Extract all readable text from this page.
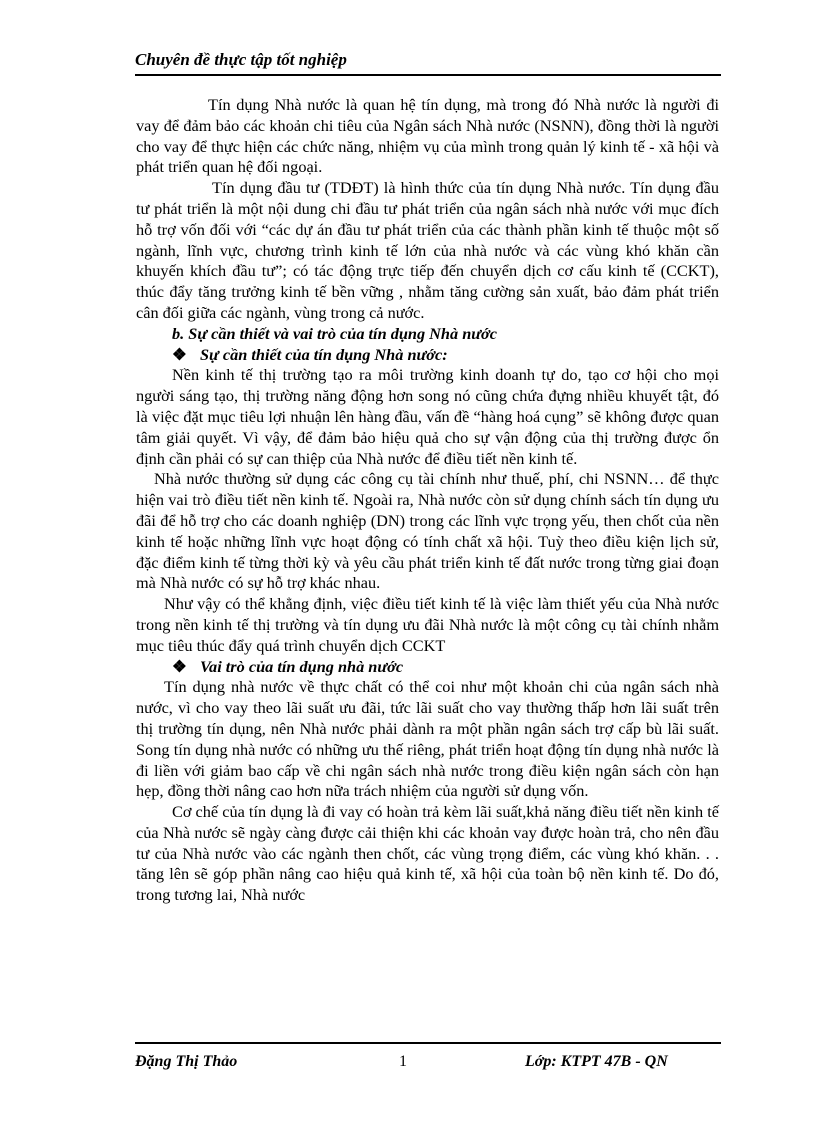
Chuyên đề thực tập tốt nghiệp

Tín dụng Nhà nước là quan hệ tín dụng, mà trong đó Nhà nước là người đi vay để đảm bảo các khoản chi tiêu của Ngân sách Nhà nước (NSNN), đồng thời là người cho vay để thực hiện các chức năng, nhiệm vụ của mình trong quản lý kinh tế - xã hội và phát triển quan hệ đối ngoại.

Tín dụng đầu tư (TDĐT) là hình thức của tín dụng Nhà nước. Tín dụng đầu tư phát triển là một nội dung chi đầu tư phát triển của ngân sách nhà nước với mục đích hỗ trợ vốn đối với “các dự án đầu tư phát triển của các thành phần kinh tế thuộc một số ngành, lĩnh vực, chương trình kinh tế lớn của nhà nước và các vùng khó khăn cần khuyến khích đầu tư”; có tác động trực tiếp đến chuyển dịch cơ cấu kinh tế (CCKT), thúc đẩy tăng trưởng kinh tế bền vững , nhằm tăng cường sản xuất, bảo đảm phát triển cân đối giữa các ngành, vùng trong cả nước.

b. Sự cần thiết và vai trò của tín dụng Nhà nước

❖ Sự cần thiết của tín dụng Nhà nước:

Nền kinh tế thị trường tạo ra môi trường kinh doanh tự do, tạo cơ hội cho mọi người sáng tạo, thị trường năng động hơn song nó cũng chứa đựng nhiều khuyết tật, đó là việc đặt mục tiêu lợi nhuận lên hàng đầu, vấn đề “hàng hoá cụng” sẽ không được quan tâm giải quyết. Vì vậy, để đảm bảo hiệu quả cho sự vận động của thị trường được ổn định cần phải có sự can thiệp của Nhà nước để điều tiết nền kinh tế.

Nhà nước thường sử dụng các công cụ tài chính như thuế, phí, chi NSNN… để thực hiện vai trò điều tiết nền kinh tế. Ngoài ra, Nhà nước còn sử dụng chính sách tín dụng ưu đãi để hỗ trợ cho các doanh nghiệp (DN) trong các lĩnh vực trọng yếu, then chốt của nền kinh tế hoặc những lĩnh vực hoạt động có tính chất xã hội. Tuỳ theo điều kiện lịch sử, đặc điểm kinh tế từng thời kỳ và yêu cầu phát triển kinh tế đất nước trong từng giai đoạn mà Nhà nước có sự hỗ trợ khác nhau.

Như vậy có thể khẳng định, việc điều tiết kinh tế là việc làm thiết yếu của Nhà nước trong nền kinh tế thị trường và tín dụng ưu đãi Nhà nước là một công cụ tài chính nhằm mục tiêu thúc đẩy quá trình chuyển dịch CCKT

❖ Vai trò của tín dụng nhà nước

Tín dụng nhà nước về thực chất có thể coi như một khoản chi của ngân sách nhà nước, vì cho vay theo lãi suất ưu đãi, tức lãi suất cho vay thường thấp hơn lãi suất trên thị trường tín dụng, nên Nhà nước phải dành ra một phần ngân sách trợ cấp bù lãi suất. Song tín dụng nhà nước có những ưu thế riêng, phát triển hoạt động tín dụng nhà nước là đi liền với giảm bao cấp về chi ngân sách nhà nước trong điều kiện ngân sách còn hạn hẹp, đồng thời nâng cao hơn nữa trách nhiệm của người sử dụng vốn.

Cơ chế của tín dụng là đi vay có hoàn trả kèm lãi suất,khả năng điều tiết nền kinh tế của Nhà nước sẽ ngày càng được cải thiện khi các khoản vay được hoàn trả, cho nên đầu tư của Nhà nước vào các ngành then chốt, các vùng trọng điểm, các vùng khó khăn. . . tăng lên sẽ góp phần nâng cao hiệu quả kinh tế, xã hội của toàn bộ nền kinh tế. Do đó, trong tương lai, Nhà nước

Đặng Thị Thảo	1	Lớp: KTPT 47B - QN
